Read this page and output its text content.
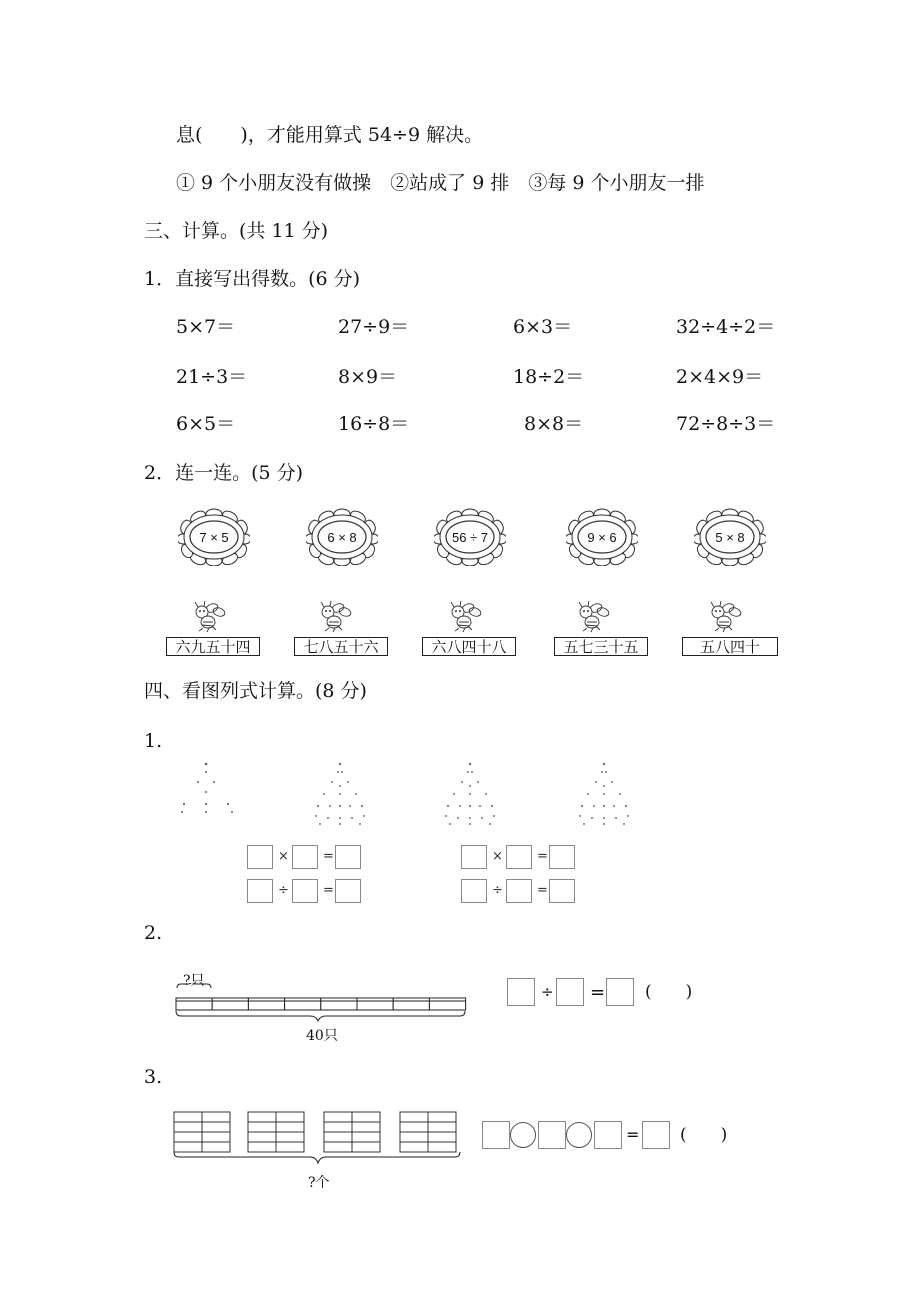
息(　　)，才能用算式 54÷9 解决。
① 9 个小朋友没有做操　②站成了 9 排　③每 9 个小朋友一排
三、计算。(共 11 分)
1．直接写出得数。(6 分)
5×7＝	27÷9＝	6×3＝	32÷4÷2＝
21÷3＝	8×9＝	18÷2＝	2×4×9＝
6×5＝	16÷8＝	8×8＝	72÷8÷3＝
2．连一连。(5 分)
7 × 5	6 × 8	56 ÷ 7	9 × 6	5 × 8
六九五十四	七八五十六	六八四十八	五七三十五	五八四十
四、看图列式计算。(8 分)
1.
×	=
÷	=
×	=
÷	=
2.
?只
40只
÷ = (　　)
3.
?个
= (　　)
